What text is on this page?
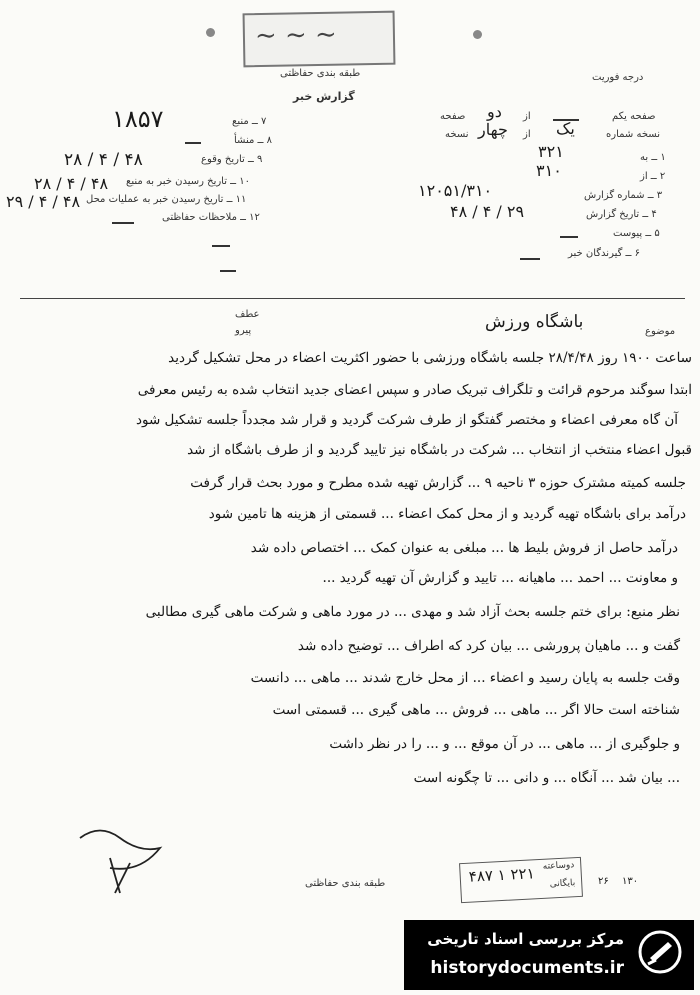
~ ~ ~
طبقه بندی حفاظتی
گزارش خبر
درجه فوریت
۷ ــ منبع
۱۸۵۷
۸ ــ منشأ
۹ ــ تاریخ وقوع
۲۸ / ۴ / ۴۸
۱۰ ــ تاریخ رسیدن خبر به منبع
۲۸ / ۴ / ۴۸
۱۱ ــ تاریخ رسیدن خبر به عملیات محل
۲۹ / ۴ / ۴۸
۱۲ ــ ملاحظات حفاظتی
صفحه یکم
از
دو
صفحه
نسخه شماره
یک
از
چهار
نسخه
۱ ــ به
۳۲۱
۲ ــ از
۳۱۰
۳ ــ شماره گزارش
۱۲۰۵۱/۳۱۰
۴ ــ تاریخ گزارش
۴۸ / ۴ / ۲۹
۵ ــ پیوست
۶ ــ گیرندگان خبر
عطف
پیرو	موضوع
باشگاه ورزش
ساعت ۱۹۰۰ روز ۲۸/۴/۴۸ جلسه باشگاه ورزشی با حضور اکثریت اعضاء در محل تشکیل گردید
ابتدا سوگند مرحوم قرائت و تلگراف تبریک صادر و سپس اعضای جدید انتخاب شده به رئیس معرفی
آن گاه معرفی اعضاء و مختصر گفتگو از طرف شرکت گردید و قرار شد مجدداً جلسه تشکیل شود
قبول اعضاء منتخب از انتخاب ... شرکت در باشگاه نیز تایید گردید و از طرف باشگاه از شد
جلسه کمیته مشترک حوزه ۳ ناحیه ۹ ... گزارش تهیه شده مطرح و مورد بحث قرار گرفت
درآمد برای باشگاه تهیه گردید و از محل کمک اعضاء ... قسمتی از هزینه ها تامین شود
درآمد حاصل از فروش بلیط ها ... مبلغی به عنوان کمک ... اختصاص داده شد
و معاونت ... احمد ... ماهیانه ... تایید و گزارش آن تهیه گردید ...
نظر منبع: برای ختم جلسه بحث آزاد شد و مهدی ... در مورد ماهی و شرکت ماهی گیری مطالبی
گفت و ... ماهیان پرورشی ... بیان کرد که اطراف ... توضیح داده شد
وقت جلسه به پایان رسید و اعضاء ... از محل خارج شدند ... ماهی ... دانست
شناخته است حالا اگر ... ماهی ... فروش ... ماهی گیری ... قسمتی است
و جلوگیری از ... ماهی ... در آن موقع ... و ... را در نظر داشت
... بیان شد ... آنگاه ... و دانی ... تا چگونه است
طبقه بندی حفاظتی
دوساعته
بایگانی
۴۸۷ ۱ ۲۲۱	۱۳۰
۲۶
مرکز بررسی اسناد تاریخی
historydocuments.ir
